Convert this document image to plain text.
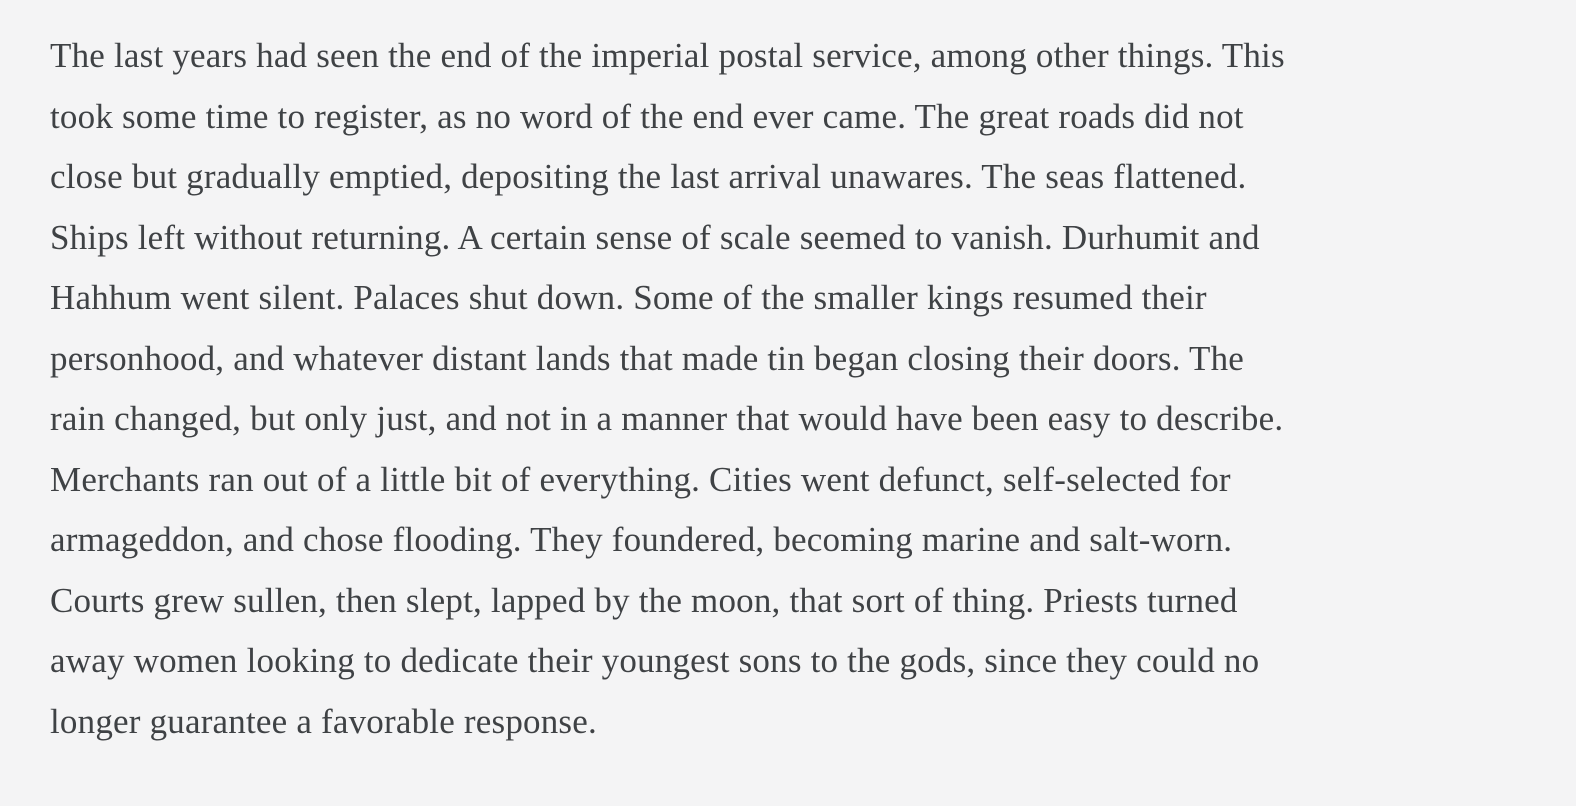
The last years had seen the end of the imperial postal service, among other things. This
took some time to register, as no word of the end ever came. The great roads did not
close but gradually emptied, depositing the last arrival unawares. The seas flattened.
Ships left without returning. A certain sense of scale seemed to vanish. Durhumit and
Hahhum went silent. Palaces shut down. Some of the smaller kings resumed their
personhood, and whatever distant lands that made tin began closing their doors. The
rain changed, but only just, and not in a manner that would have been easy to describe.
Merchants ran out of a little bit of everything. Cities went defunct, self-selected for
armageddon, and chose flooding. They foundered, becoming marine and salt-worn.
Courts grew sullen, then slept, lapped by the moon, that sort of thing. Priests turned
away women looking to dedicate their youngest sons to the gods, since they could no
longer guarantee a favorable response.
